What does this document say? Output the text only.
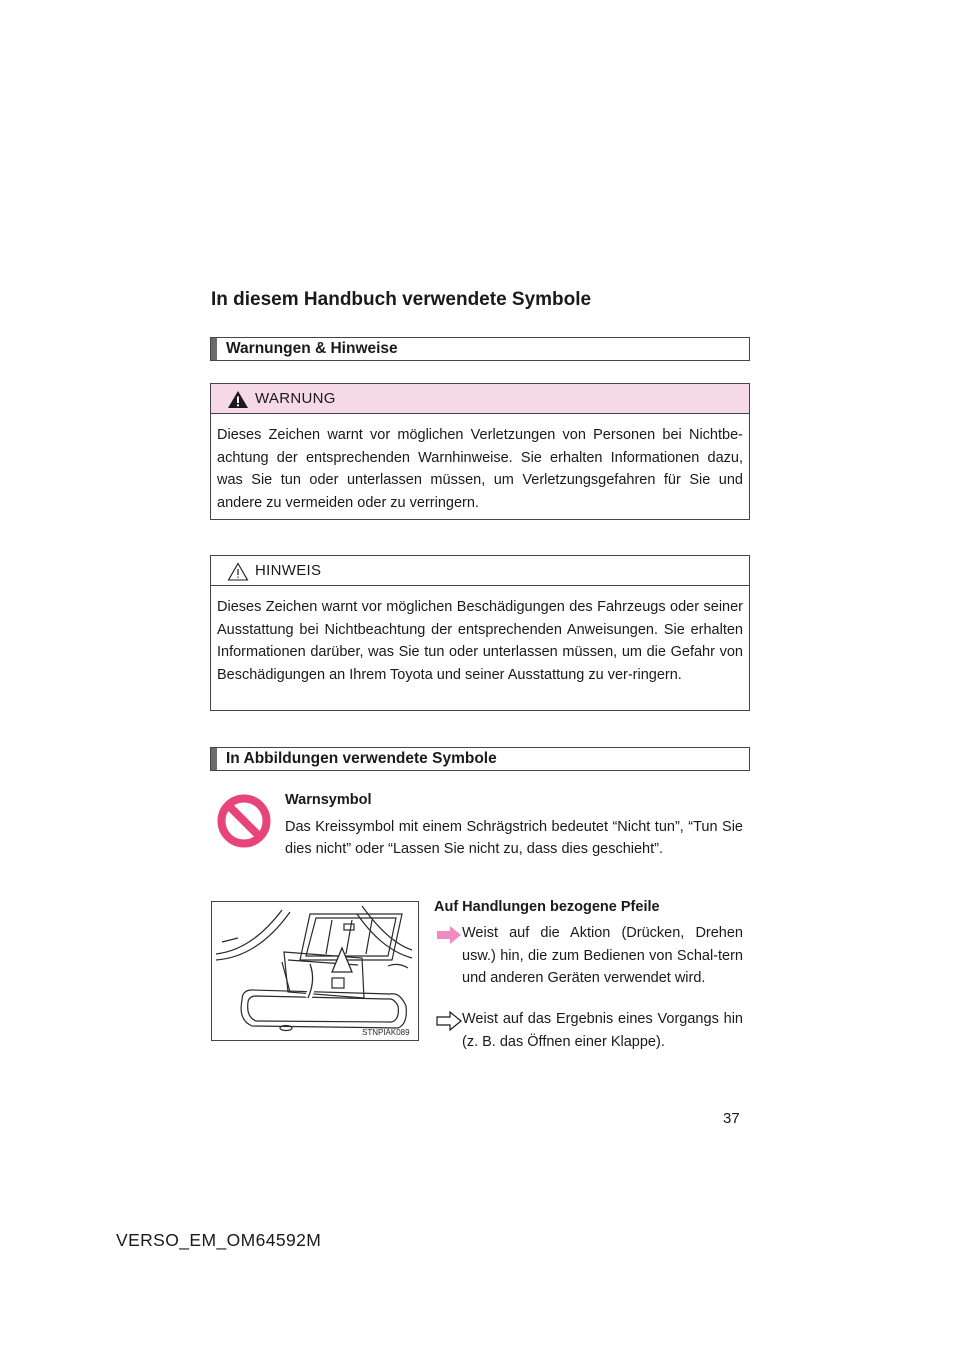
In diesem Handbuch verwendete Symbole
Warnungen & Hinweise
WARNUNG
Dieses Zeichen warnt vor möglichen Verletzungen von Personen bei Nichtbe-achtung der entsprechenden Warnhinweise. Sie erhalten Informationen dazu, was Sie tun oder unterlassen müssen, um Verletzungsgefahren für Sie und andere zu vermeiden oder zu verringern.
HINWEIS
Dieses Zeichen warnt vor möglichen Beschädigungen des Fahrzeugs oder seiner Ausstattung bei Nichtbeachtung der entsprechenden Anweisungen. Sie erhalten Informationen darüber, was Sie tun oder unterlassen müssen, um die Gefahr von Beschädigungen an Ihrem Toyota und seiner Ausstattung zu ver-ringern.
In Abbildungen verwendete Symbole
Warnsymbol
Das Kreissymbol mit einem Schrägstrich bedeutet “Nicht tun”, “Tun Sie dies nicht” oder “Lassen Sie nicht zu, dass dies geschieht”.
STNPIAK089
Auf Handlungen bezogene Pfeile
Weist auf die Aktion (Drücken, Drehen usw.) hin, die zum Bedienen von Schal-tern und anderen Geräten verwendet wird.
Weist auf das Ergebnis eines Vorgangs hin (z. B. das Öffnen einer Klappe).
37
VERSO_EM_OM64592M
